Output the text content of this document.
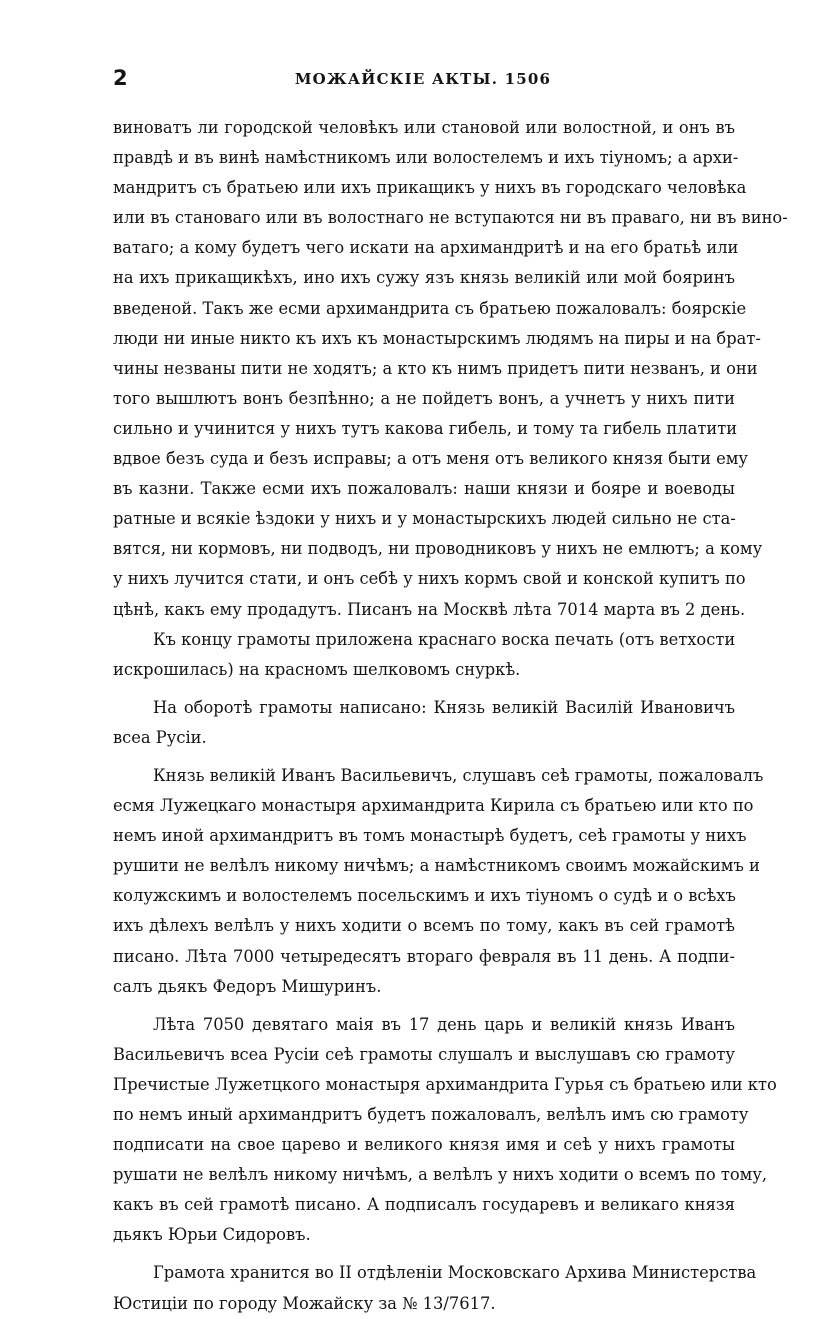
2	МОЖАЙСКІЕ АКТЫ. 1506
виноватъ ли городской человѣкъ или становой или волостной, и онъ въ
правдѣ и въ винѣ намѣстникомъ или волостелемъ и ихъ тіуномъ; а архи-
мандритъ съ братьею или ихъ прикащикъ у нихъ въ городскаго человѣка
или въ становаго или въ волостнаго не вступаются ни въ праваго, ни въ вино-
ватаго; а кому будетъ чего искати на архимандритѣ и на его братьѣ или
на ихъ прикащикѣхъ, ино ихъ сужу язъ князь великій или мой бояринъ
введеной. Такъ же есми архимандрита съ братьею пожаловалъ: боярскіе
люди ни иные никто къ ихъ къ монастырскимъ людямъ на пиры и на брат-
чины незваны пити не ходятъ; а кто къ нимъ придетъ пити незванъ, и они
того вышлютъ вонъ безпѣнно; а не пойдетъ вонъ, а учнетъ у нихъ пити
сильно и учинится у нихъ тутъ какова гибель, и тому та гибель платити
вдвое безъ суда и безъ исправы; а отъ меня отъ великого князя быти ему
въ казни. Также есми ихъ пожаловалъ: наши князи и бояре и воеводы
ратные и всякіе ѣздоки у нихъ и у монастырскихъ людей сильно не ста-
вятся, ни кормовъ, ни подводъ, ни проводниковъ у нихъ не емлютъ; а кому
у нихъ лучится стати, и онъ себѣ у нихъ кормъ свой и конской купитъ по
цѣнѣ, какъ ему продадутъ. Писанъ на Москвѣ лѣта 7014 марта въ 2 день.
Къ концу грамоты приложена краснаго воска печать (отъ ветхости
искрошилась) на красномъ шелковомъ снуркѣ.
На оборотѣ грамоты написано: Князь великій Василій Ивановичъ
всеа Русіи.
Князь великій Иванъ Васильевичъ, слушавъ сеѣ грамоты, пожаловалъ
есмя Лужецкаго монастыря архимандрита Кирила съ братьею или кто по
немъ иной архимандритъ въ томъ монастырѣ будетъ, сеѣ грамоты у нихъ
рушити не велѣлъ никому ничѣмъ; а намѣстникомъ своимъ можайскимъ и
колужскимъ и волостелемъ посельскимъ и ихъ тіуномъ о судѣ и о всѣхъ
ихъ дѣлехъ велѣлъ у нихъ ходити о всемъ по тому, какъ въ сей грамотѣ
писано. Лѣта 7000 четыредесятъ втораго февраля въ 11 день. А подпи-
салъ дьякъ Федоръ Мишуринъ.
Лѣта 7050 девятаго маія въ 17 день царь и великій князь Иванъ
Васильевичъ всеа Русіи сеѣ грамоты слушалъ и выслушавъ сю грамоту
Пречистые Лужетцкого монастыря архимандрита Гурья съ братьею или кто
по немъ иный архимандритъ будетъ пожаловалъ, велѣлъ имъ сю грамоту
подписати на свое царево и великого князя имя и сеѣ у нихъ грамоты
рушати не велѣлъ никому ничѣмъ, а велѣлъ у нихъ ходити о всемъ по тому,
какъ въ сей грамотѣ писано. А подписалъ государевъ и великаго князя
дьякъ Юрьи Сидоровъ.
Грамота хранится во II отдѣленіи Московскаго Архива Министерства
Юстиціи по городу Можайску за № 13/7617.
